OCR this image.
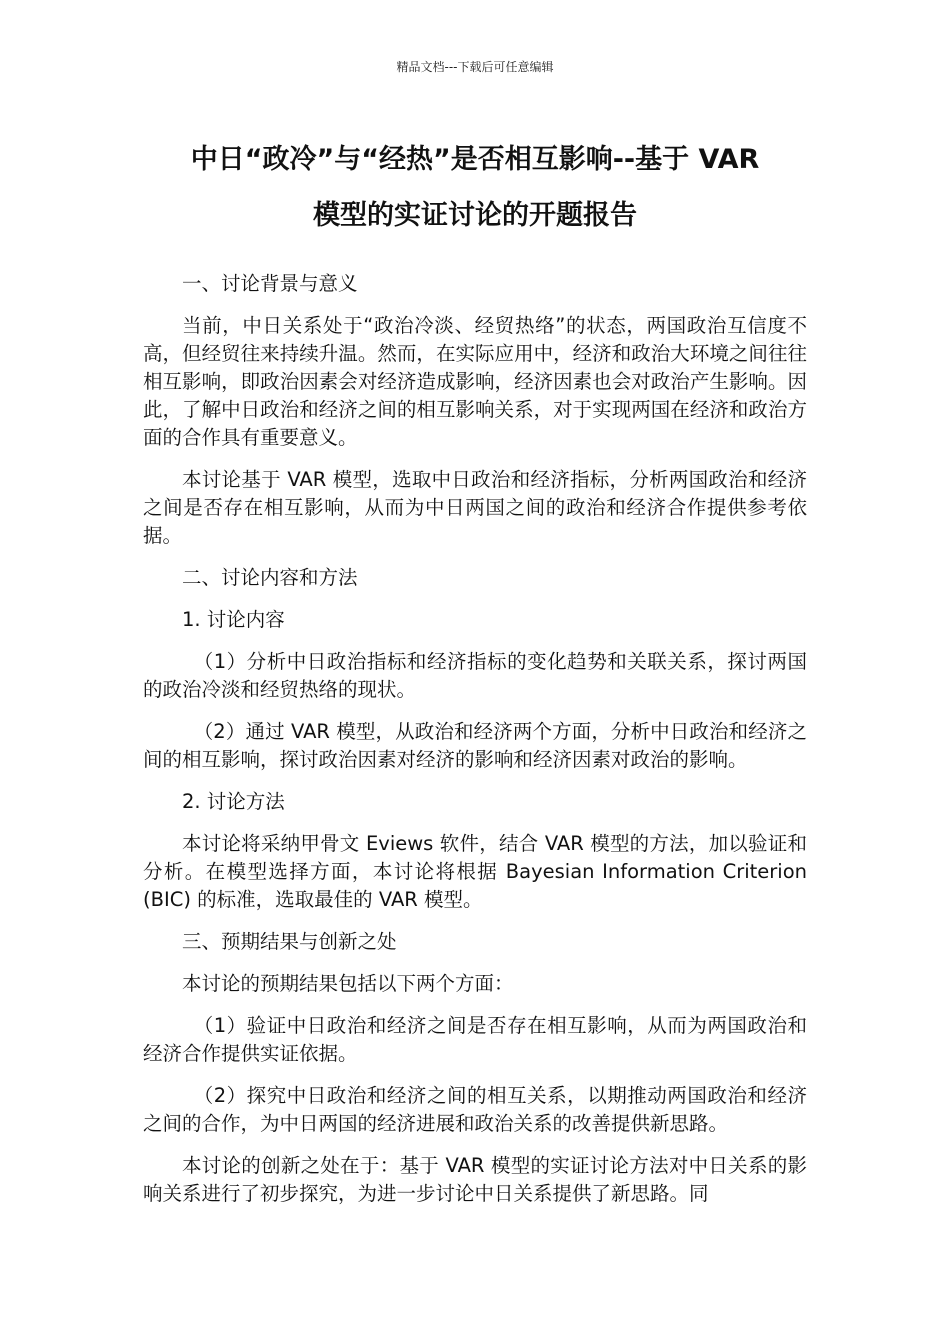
精品文档---下载后可任意编辑
中日“政冷”与“经热”是否相互影响--基于 VAR
模型的实证讨论的开题报告

一、讨论背景与意义

当前，中日关系处于“政治冷淡、经贸热络”的状态，两国政治互信度不高，但经贸往来持续升温。然而，在实际应用中，经济和政治大环境之间往往相互影响，即政治因素会对经济造成影响，经济因素也会对政治产生影响。因此，了解中日政治和经济之间的相互影响关系，对于实现两国在经济和政治方面的合作具有重要意义。

本讨论基于 VAR 模型，选取中日政治和经济指标，分析两国政治和经济之间是否存在相互影响，从而为中日两国之间的政治和经济合作提供参考依据。

二、讨论内容和方法

1. 讨论内容

（1）分析中日政治指标和经济指标的变化趋势和关联关系，探讨两国的政治冷淡和经贸热络的现状。

（2）通过 VAR 模型，从政治和经济两个方面，分析中日政治和经济之间的相互影响，探讨政治因素对经济的影响和经济因素对政治的影响。

2. 讨论方法

本讨论将采纳甲骨文 Eviews 软件，结合 VAR 模型的方法，加以验证和分析。在模型选择方面，本讨论将根据 Bayesian Information Criterion (BIC) 的标准，选取最佳的 VAR 模型。

三、预期结果与创新之处

本讨论的预期结果包括以下两个方面：

（1）验证中日政治和经济之间是否存在相互影响，从而为两国政治和经济合作提供实证依据。

（2）探究中日政治和经济之间的相互关系，以期推动两国政治和经济之间的合作，为中日两国的经济进展和政治关系的改善提供新思路。

本讨论的创新之处在于：基于 VAR 模型的实证讨论方法对中日关系的影响关系进行了初步探究，为进一步讨论中日关系提供了新思路。同
